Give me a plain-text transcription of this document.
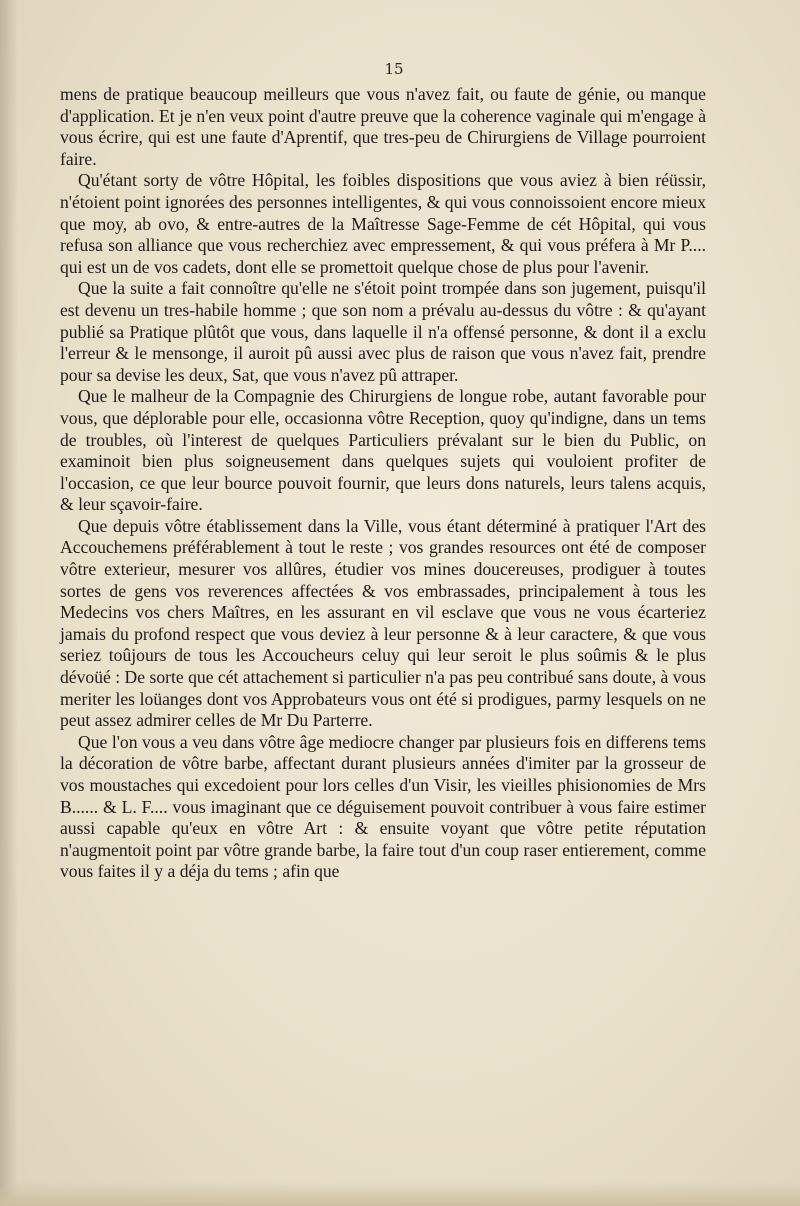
15

mens de pratique beaucoup meilleurs que vous n'avez fait, ou faute de génie, ou manque d'application. Et je n'en veux point d'autre preuve que la coherence vaginale qui m'engage à vous écrire, qui est une faute d'Aprentif, que tres-peu de Chirurgiens de Village pourroient faire.

Qu'étant sorty de vôtre Hôpital, les foibles dispositions que vous aviez à bien réüssir, n'étoient point ignorées des personnes intelligentes, & qui vous connoissoient encore mieux que moy, ab ovo, & entre-autres de la Maîtresse Sage-Femme de cét Hôpital, qui vous refusa son alliance que vous recherchiez avec empressement, & qui vous préfera à Mr P.... qui est un de vos cadets, dont elle se promettoit quelque chose de plus pour l'avenir.

Que la suite a fait connoître qu'elle ne s'étoit point trompée dans son jugement, puisqu'il est devenu un tres-habile homme ; que son nom a prévalu au-dessus du vôtre : & qu'ayant publié sa Pratique plûtôt que vous, dans laquelle il n'a offensé personne, & dont il a exclu l'erreur & le mensonge, il auroit pû aussi avec plus de raison que vous n'avez fait, prendre pour sa devise les deux, Sat, que vous n'avez pû attraper.

Que le malheur de la Compagnie des Chirurgiens de longue robe, autant favorable pour vous, que déplorable pour elle, occasionna vôtre Reception, quoy qu'indigne, dans un tems de troubles, où l'interest de quelques Particuliers prévalant sur le bien du Public, on examinoit bien plus soigneusement dans quelques sujets qui vouloient profiter de l'occasion, ce que leur bource pouvoit fournir, que leurs dons naturels, leurs talens acquis, & leur sçavoir-faire.

Que depuis vôtre établissement dans la Ville, vous étant déterminé à pratiquer l'Art des Accouchemens préférablement à tout le reste ; vos grandes resources ont été de composer vôtre exterieur, mesurer vos allûres, étudier vos mines doucereuses, prodiguer à toutes sortes de gens vos reverences affectées & vos embrassades, principalement à tous les Medecins vos chers Maîtres, en les assurant en vil esclave que vous ne vous écarteriez jamais du profond respect que vous deviez à leur personne & à leur caractere, & que vous seriez toûjours de tous les Accoucheurs celuy qui leur seroit le plus soûmis & le plus dévoüé : De sorte que cét attachement si particulier n'a pas peu contribué sans doute, à vous meriter les loüanges dont vos Approbateurs vous ont été si prodigues, parmy lesquels on ne peut assez admirer celles de Mr Du Parterre.

Que l'on vous a veu dans vôtre âge mediocre changer par plusieurs fois en differens tems la décoration de vôtre barbe, affectant durant plusieurs années d'imiter par la grosseur de vos moustaches qui excedoient pour lors celles d'un Visir, les vieilles phisionomies de Mrs B...... & L. F.... vous imaginant que ce déguisement pouvoit contribuer à vous faire estimer aussi capable qu'eux en vôtre Art : & ensuite voyant que vôtre petite réputation n'augmentoit point par vôtre grande barbe, la faire tout d'un coup raser entierement, comme vous faites il y a déja du tems ; afin que
